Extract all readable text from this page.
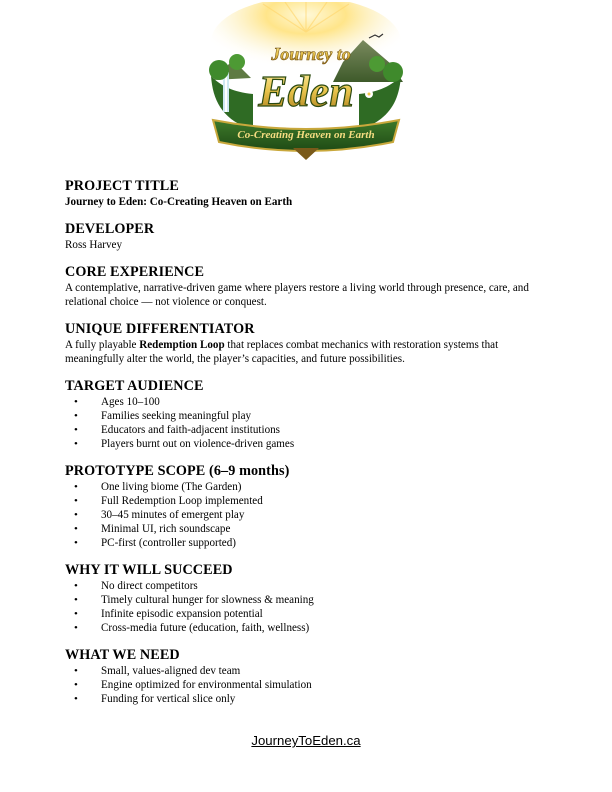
Journey to
Eden
Co-Creating Heaven on Earth
PROJECT TITLE

Journey to Eden: Co-Creating Heaven on Earth

DEVELOPER

Ross Harvey

CORE EXPERIENCE

A contemplative, narrative-driven game where players restore a living world through presence, care, and relational choice — not violence or conquest.

UNIQUE DIFFERENTIATOR

A fully playable Redemption Loop that replaces combat mechanics with restoration systems that meaningfully alter the world, the player’s capacities, and future possibilities.

TARGET AUDIENCE
• Ages 10–100
• Families seeking meaningful play
• Educators and faith-adjacent institutions
• Players burnt out on violence-driven games
PROTOTYPE SCOPE (6–9 months)
• One living biome (The Garden)
• Full Redemption Loop implemented
• 30–45 minutes of emergent play
• Minimal UI, rich soundscape
• PC-first (controller supported)
WHY IT WILL SUCCEED
• No direct competitors
• Timely cultural hunger for slowness & meaning
• Infinite episodic expansion potential
• Cross-media future (education, faith, wellness)
WHAT WE NEED
• Small, values-aligned dev team
• Engine optimized for environmental simulation
• Funding for vertical slice only
JourneyToEden.ca
